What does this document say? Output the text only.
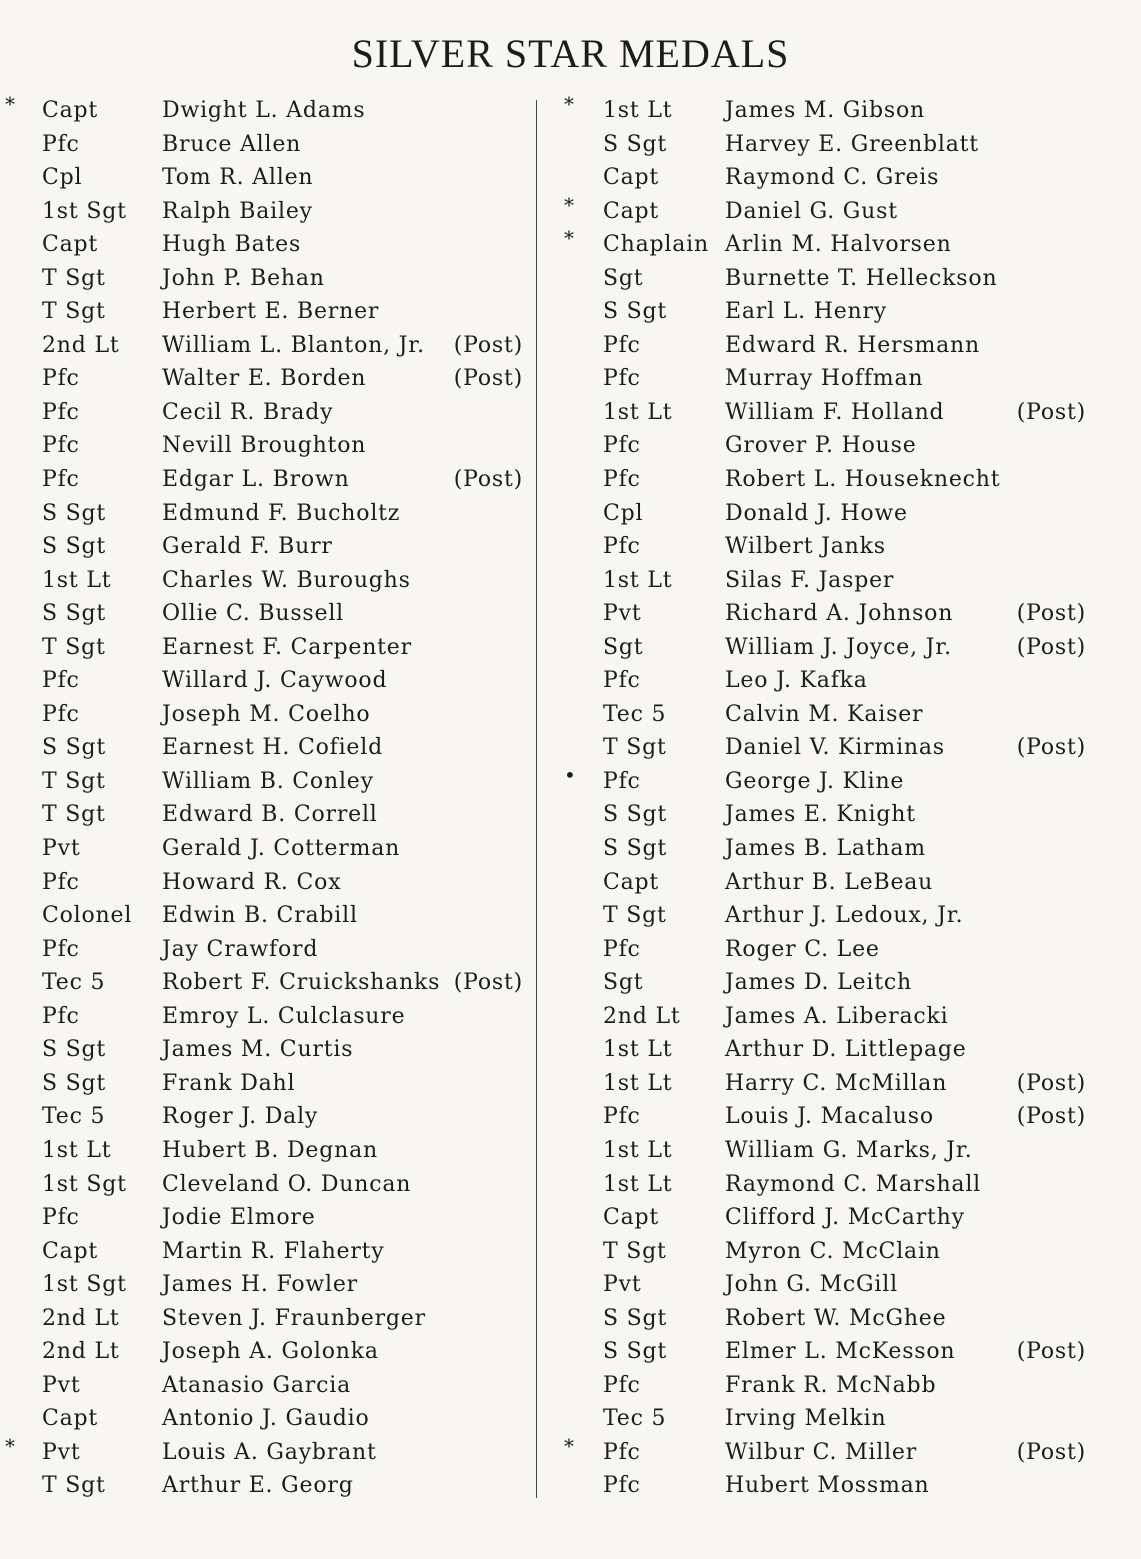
SILVER STAR MEDALS
* Capt	Dwight L. Adams
Pfc	Bruce Allen
Cpl	Tom R. Allen
1st Sgt Ralph Bailey
Capt	Hugh Bates
T Sgt	John P. Behan
T Sgt	Herbert E. Berner
2nd Lt William L. Blanton, Jr. (Post)
Pfc	Walter E. Borden	(Post)
Pfc	Cecil R. Brady
Pfc	Nevill Broughton
Pfc	Edgar L. Brown	(Post)
S Sgt	Edmund F. Bucholtz
S Sgt	Gerald F. Burr
1st Lt Charles W. Buroughs
S Sgt	Ollie C. Bussell
T Sgt	Earnest F. Carpenter
Pfc	Willard J. Caywood
Pfc	Joseph M. Coelho
S Sgt	Earnest H. Cofield
T Sgt	William B. Conley
T Sgt	Edward B. Correll
Pvt	Gerald J. Cotterman
Pfc	Howard R. Cox
Colonel Edwin B. Crabill
Pfc	Jay Crawford
Tec 5	Robert F. Cruickshanks (Post)
Pfc	Emroy L. Culclasure
S Sgt	James M. Curtis
S Sgt	Frank Dahl
Tec 5	Roger J. Daly
1st Lt Hubert B. Degnan
1st Sgt Cleveland O. Duncan
Pfc	Jodie Elmore
Capt	Martin R. Flaherty
1st Sgt James H. Fowler
2nd Lt Steven J. Fraunberger
2nd Lt Joseph A. Golonka
Pvt	Atanasio Garcia
Capt	Antonio J. Gaudio
* Pvt	Louis A. Gaybrant
T Sgt	Arthur E. Georg
* 1st Lt James M. Gibson
S Sgt	Harvey E. Greenblatt
Capt	Raymond C. Greis
* Capt	Daniel G. Gust
* Chaplain Arlin M. Halvorsen
Sgt	Burnette T. Helleckson
S Sgt	Earl L. Henry
Pfc	Edward R. Hersmann
Pfc	Murray Hoffman
1st Lt William F. Holland	(Post)
Pfc	Grover P. House
Pfc	Robert L. Houseknecht
Cpl	Donald J. Howe
Pfc	Wilbert Janks
1st Lt Silas F. Jasper
Pvt	Richard A. Johnson	(Post)
Sgt	William J. Joyce, Jr.	(Post)
Pfc	Leo J. Kafka
Tec 5	Calvin M. Kaiser
T Sgt	Daniel V. Kirminas	(Post)
• Pfc	George J. Kline
S Sgt	James E. Knight
S Sgt	James B. Latham
Capt	Arthur B. LeBeau
T Sgt	Arthur J. Ledoux, Jr.
Pfc	Roger C. Lee
Sgt	James D. Leitch
2nd Lt James A. Liberacki
1st Lt Arthur D. Littlepage
1st Lt Harry C. McMillan	(Post)
Pfc	Louis J. Macaluso	(Post)
1st Lt William G. Marks, Jr.
1st Lt Raymond C. Marshall
Capt	Clifford J. McCarthy
T Sgt	Myron C. McClain
Pvt	John G. McGill
S Sgt	Robert W. McGhee
S Sgt	Elmer L. McKesson	(Post)
Pfc	Frank R. McNabb
Tec 5	Irving Melkin
* Pfc	Wilbur C. Miller	(Post)
Pfc	Hubert Mossman
